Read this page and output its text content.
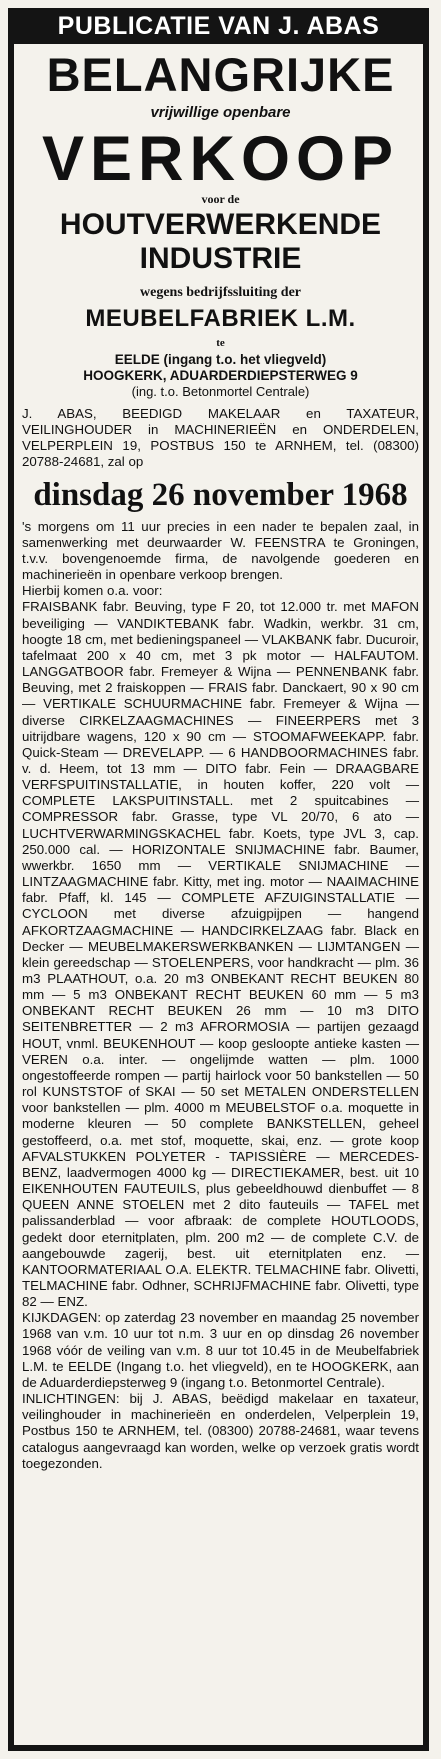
PUBLICATIE VAN J. ABAS
BELANGRIJKE
vrijwillige openbare
VERKOOP
voor de
HOUTVERWERKENDE
INDUSTRIE
wegens bedrijfssluiting der
MEUBELFABRIEK L.M.
te
EELDE (ingang t.o. het vliegveld)
HOOGKERK, ADUARDERDIEPSTERWEG 9
(ing. t.o. Betonmortel Centrale)

J. ABAS, BEEDIGD MAKELAAR en TAXATEUR, VEILINGHOUDER in MACHINERIEËN en ONDERDELEN, VELPERPLEIN 19, POSTBUS 150 te ARNHEM, tel. (08300) 20788-24681, zal op

dinsdag 26 november 1968

's morgens om 11 uur precies in een nader te bepalen zaal, in samenwerking met deurwaarder W. FEENSTRA te Groningen, t.v.v. bovengenoemde firma, de navolgende goederen en machinerieën in openbare verkoop brengen.

Hierbij komen o.a. voor:

FRAISBANK fabr. Beuving, type F 20, tot 12.000 tr. met MAFON beveiliging — VANDIKTEBANK fabr. Wadkin, werkbr. 31 cm, hoogte 18 cm, met bedieningspaneel — VLAKBANK fabr. Ducuroir, tafelmaat 200 x 40 cm, met 3 pk motor — HALFAUTOM. LANGGATBOOR fabr. Fremeyer & Wijna — PENNENBANK fabr. Beuving, met 2 fraiskoppen — FRAIS fabr. Danckaert, 90 x 90 cm — VERTIKALE SCHUURMACHINE fabr. Fremeyer & Wijna — diverse CIRKELZAAGMACHINES — FINEERPERS met 3 uitrijdbare wagens, 120 x 90 cm — STOOMAFWEEKAPP. fabr. Quick-Steam — DREVELAPP. — 6 HANDBOORMACHINES fabr. v. d. Heem, tot 13 mm — DITO fabr. Fein — DRAAGBARE VERFSPUITINSTALLATIE, in houten koffer, 220 volt — COMPLETE LAKSPUITINSTALL. met 2 spuitcabines — COMPRESSOR fabr. Grasse, type VL 20/70, 6 ato — LUCHTVERWARMINGSKACHEL fabr. Koets, type JVL 3, cap. 250.000 cal. — HORIZONTALE SNIJMACHINE fabr. Baumer, wwerkbr. 1650 mm — VERTIKALE SNIJMACHINE — LINTZAAGMACHINE fabr. Kitty, met ing. motor — NAAIMACHINE fabr. Pfaff, kl. 145 — COMPLETE AFZUIGINSTALLATIE — CYCLOON met diverse afzuigpijpen — hangend AFKORTZAAGMACHINE — HANDCIRKELZAAG fabr. Black en Decker — MEUBELMAKERSWERKBANKEN — LIJMTANGEN — klein gereedschap — STOELENPERS, voor handkracht — plm. 36 m3 PLAATHOUT, o.a. 20 m3 ONBEKANT RECHT BEUKEN 80 mm — 5 m3 ONBEKANT RECHT BEUKEN 60 mm — 5 m3 ONBEKANT RECHT BEUKEN 26 mm — 10 m3 DITO SEITENBRETTER — 2 m3 AFRORMOSIA — partijen gezaagd HOUT, vnml. BEUKENHOUT — koop gesloopte antieke kasten — VEREN o.a. inter. — ongelijmde watten — plm. 1000 ongestoffeerde rompen — partij hairlock voor 50 bankstellen — 50 rol KUNSTSTOF of SKAI — 50 set METALEN ONDERSTELLEN voor bankstellen — plm. 4000 m MEUBELSTOF o.a. moquette in moderne kleuren — 50 complete BANKSTELLEN, geheel gestoffeerd, o.a. met stof, moquette, skai, enz. — grote koop AFVALSTUKKEN POLYETER - TAPISSIÈRE — MERCEDES-BENZ, laadvermogen 4000 kg — DIRECTIEKAMER, best. uit 10 EIKENHOUTEN FAUTEUILS, plus gebeeldhouwd dienbuffet — 8 QUEEN ANNE STOELEN met 2 dito fauteuils — TAFEL met palissanderblad — voor afbraak: de complete HOUTLOODS, gedekt door eternitplaten, plm. 200 m2 — de complete C.V. de aangebouwde zagerij, best. uit eternitplaten enz. — KANTOORMATERIAAL O.A. ELEKTR. TELMACHINE fabr. Olivetti, TELMACHINE fabr. Odhner, SCHRIJFMACHINE fabr. Olivetti, type 82 — ENZ.

KIJKDAGEN: op zaterdag 23 november en maandag 25 november 1968 van v.m. 10 uur tot n.m. 3 uur en op dinsdag 26 november 1968 vóór de veiling van v.m. 8 uur tot 10.45 in de Meubelfabriek L.M. te EELDE (Ingang t.o. het vliegveld), en te HOOGKERK, aan de Aduarderdiepsterweg 9 (ingang t.o. Betonmortel Centrale).

INLICHTINGEN: bij J. ABAS, beëdigd makelaar en taxateur, veilinghouder in machinerieën en onderdelen, Velperplein 19, Postbus 150 te ARNHEM, tel. (08300) 20788-24681, waar tevens catalogus aangevraagd kan worden, welke op verzoek gratis wordt toegezonden.
